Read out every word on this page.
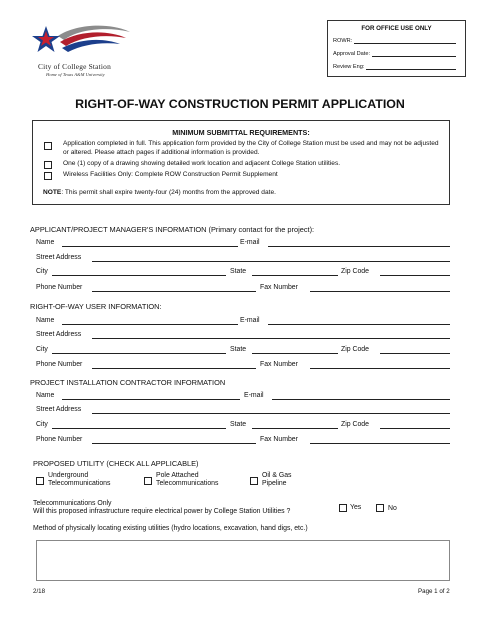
City of College Station
Home of Texas A&M University
FOR OFFICE USE ONLY
ROWR:
Approval Date:
Review Eng:
RIGHT-OF-WAY CONSTRUCTION PERMIT APPLICATION
MINIMUM SUBMITTAL REQUIREMENTS:
Application completed in full. This application form provided by the City of College Station must be used and may not be adjusted or altered. Please attach pages if additional information is provided.
One (1) copy of a drawing showing detailed work location and adjacent College Station utilities.
Wireless Facilities Only: Complete ROW Construction Permit Supplement
NOTE: This permit shall expire twenty-four (24) months from the approved date.
APPLICANT/PROJECT MANAGER'S INFORMATION (Primary contact for the project):
Name	E-mail
Street Address
City	State	Zip Code
Phone Number	Fax Number
RIGHT-OF-WAY USER INFORMATION:
Name	E-mail
Street Address
City	State	Zip Code
Phone Number	Fax Number
PROJECT INSTALLATION CONTRACTOR INFORMATION
Name	E-mail
Street Address
City	State	Zip Code
Phone Number	Fax Number
PROPOSED UTILITY (CHECK ALL APPLICABLE)
Underground
Telecommunications
Pole Attached
Telecommunications
Oil & Gas
Pipeline
Telecommunications Only
Will this proposed infrastructure require electrical power by College Station Utilities ?
Yes	No
Method of physically locating existing utilities (hydro locations, excavation, hand digs, etc.)
2/18	Page 1 of 2
